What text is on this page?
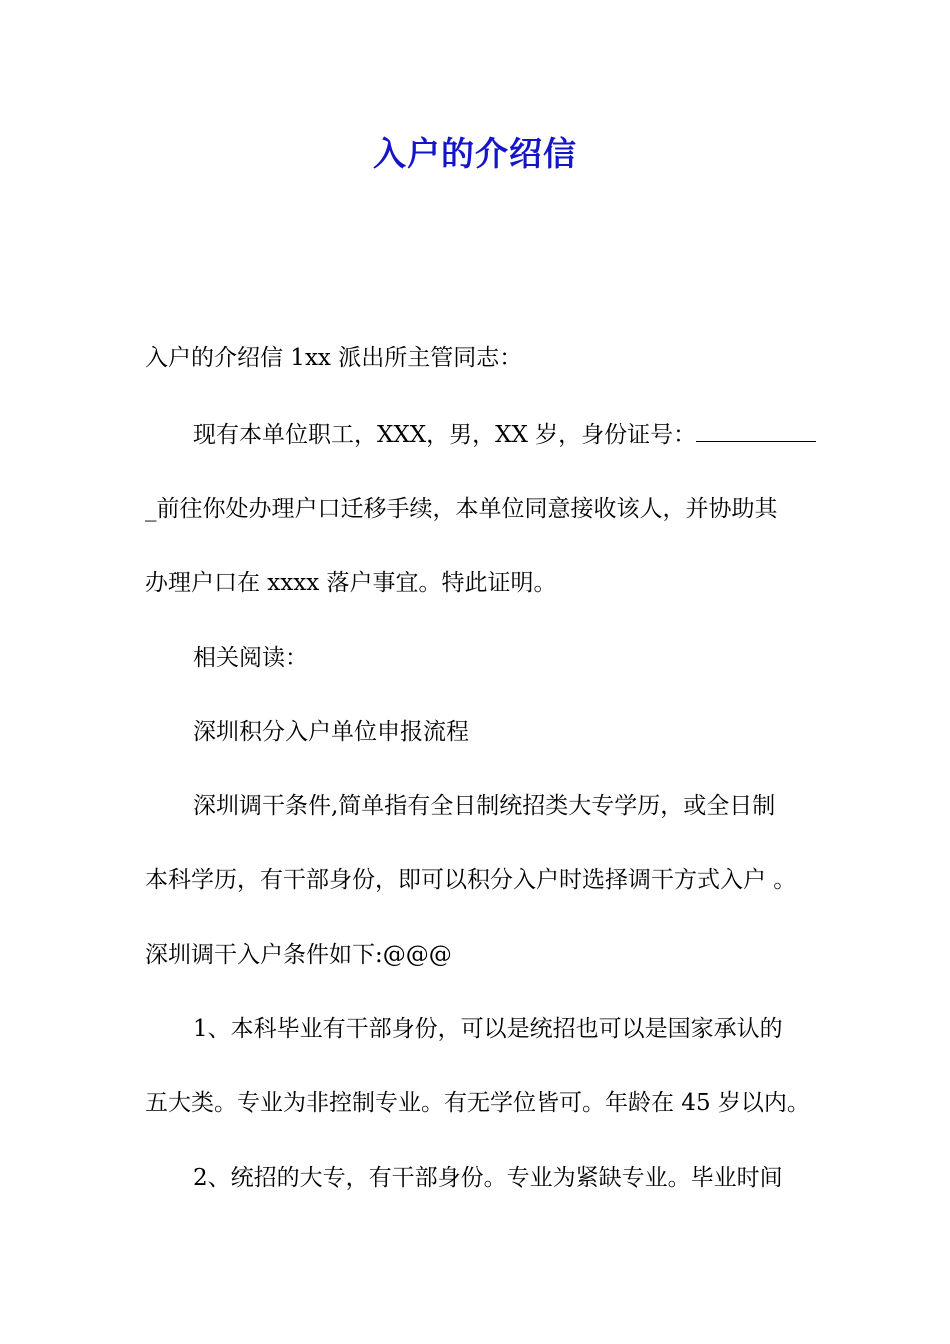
入户的介绍信

入户的介绍信 1xx 派出所主管同志：

现有本单位职工，XXX，男，XX 岁，身份证号：

_前往你处办理户口迁移手续，本单位同意接收该人，并协助其

办理户口在 xxxx 落户事宜。特此证明。

相关阅读：

深圳积分入户单位申报流程

深圳调干条件,简单指有全日制统招类大专学历，或全日制

本科学历，有干部身份，即可以积分入户时选择调干方式入户 。

深圳调干入户条件如下:@@@

1、本科毕业有干部身份，可以是统招也可以是国家承认的

五大类。专业为非控制专业。有无学位皆可。年龄在 45 岁以内。

2、统招的大专，有干部身份。专业为紧缺专业。毕业时间
